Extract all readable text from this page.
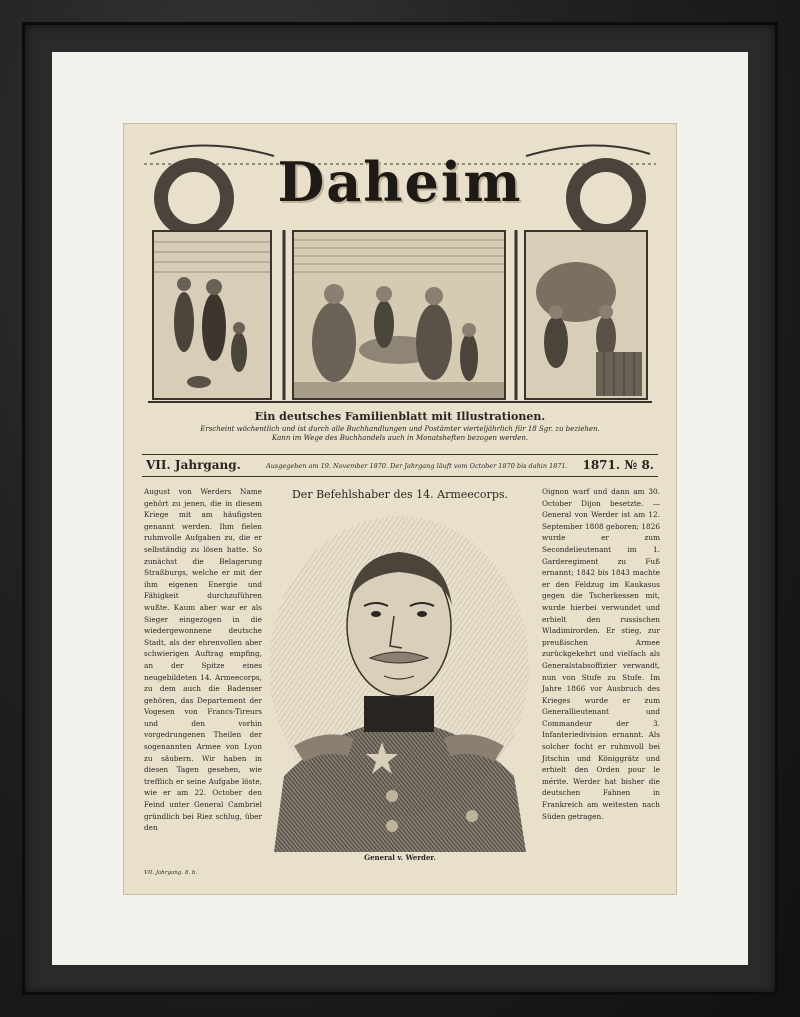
Daheim
Ein deutsches Familienblatt mit Illustrationen.
Erscheint wöchentlich und ist durch alle Buchhandlungen und Postämter vierteljährlich für 18 Sgr. zu beziehen.
Kann im Wege des Buchhandels auch in Monatsheften bezogen werden.
VII. Jahrgang.	Ausgegeben am 19. November 1870. Der Jahrgang läuft vom October 1870 bis dahin 1871. 1871. № 8.
August von Werders Name gehört zu jenen, die in diesem Kriege mit am häufigsten genannt werden. Ihm fielen ruhmvolle Aufgaben zu, die er selbständig zu lösen hatte. So zunächst die Belagerung Straßburgs, welche er mit der ihm eigenen Energie und Fähigkeit durchzuführen wußte. Kaum aber war er als Sieger eingezogen in die wiedergewonnene deutsche Stadt, als der ehrenvollen aber schwierigen Auftrag empfing, an der Spitze eines neugebildeten 14. Armeecorps, zu dem auch die Badenser gehören, das Departement der Vogesen von Francs-Tireurs und den vorhin vorgedrungenen Theilen der sogenannten Armee von Lyon zu säubern. Wir haben in diesen Tagen gesehen, wie trefflich er seine Aufgabe löste, wie er am 22. October den Feind unter General Cambriel gründlich bei Riez schlug, über den
Der Befehlshaber des 14. Armeecorps.
General v. Werder.
Oignon warf und dann am 30. October Dijon besetzte. — General von Werder ist am 12. September 1808 geboren; 1826 wurde er zum Secondelieutenant im 1. Garderegiment zu Fuß ernannt; 1842 bis 1843 machte er den Feldzug im Kaukasus gegen die Tscherkessen mit, wurde hierbei verwundet und erhielt den russischen Wladimirorden. Er stieg, zur preußischen Armee zurückgekehrt und vielfach als Generalstabsoffizier verwandt, nun von Stufe zu Stufe. Im Jahre 1866 vor Ausbruch des Krieges wurde er zum Generallieutenant und Commandeur der 3. Infanteriedivision ernannt. Als solcher focht er ruhmvoll bei Jitschin und Königgrätz und erhielt den Orden pour le mérite. Werder hat bisher die deutschen Fahnen in Frankreich am weitesten nach Süden getragen.
VII. Jahrgang. 8. b.
